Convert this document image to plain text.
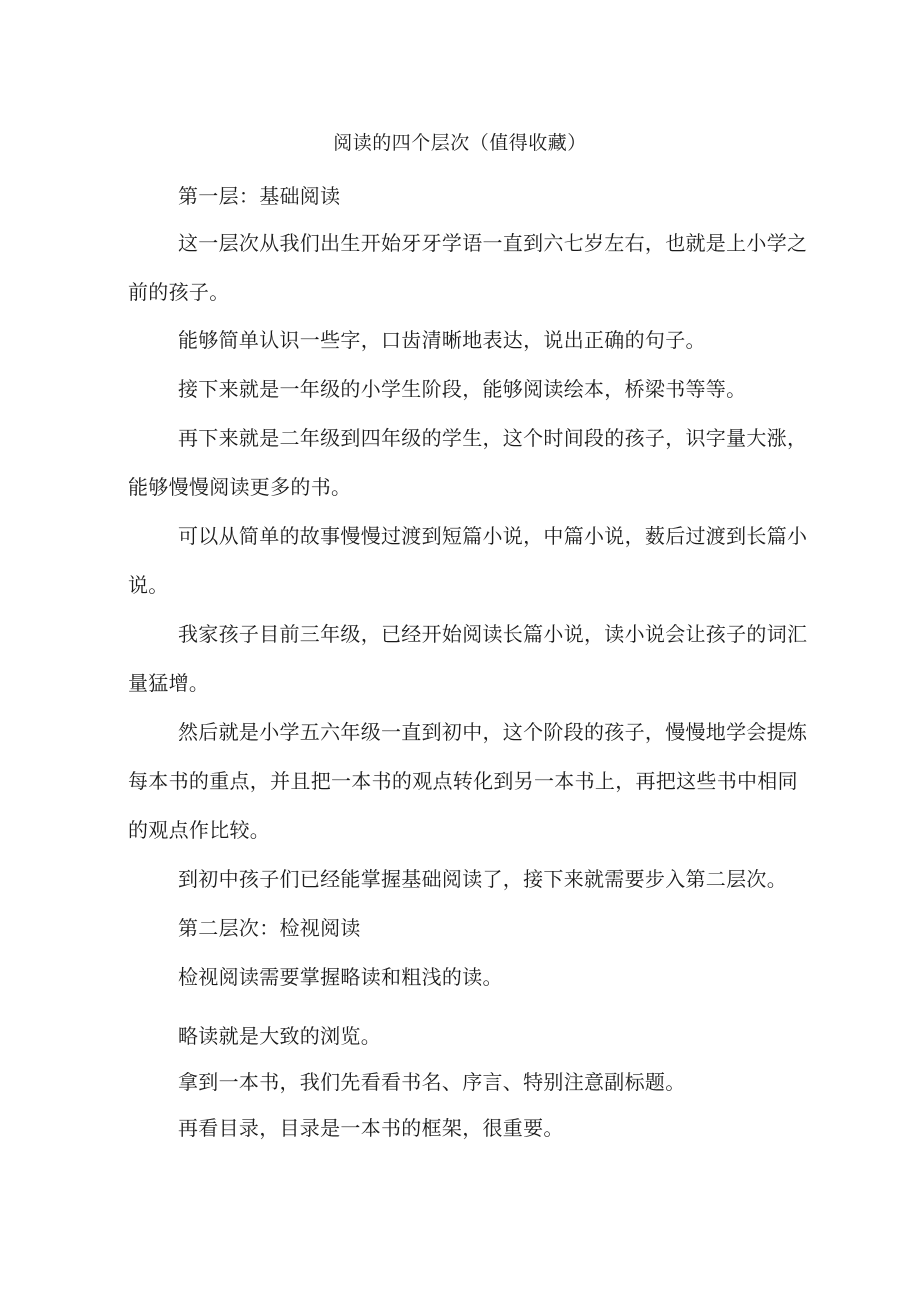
阅读的四个层次（值得收藏）

第一层：基础阅读

这一层次从我们出生开始牙牙学语一直到六七岁左右，也就是上小学之前的孩子。

能够简单认识一些字，口齿清晰地表达，说出正确的句子。

接下来就是一年级的小学生阶段，能够阅读绘本，桥梁书等等。

再下来就是二年级到四年级的学生，这个时间段的孩子，识字量大涨，能够慢慢阅读更多的书。

可以从简单的故事慢慢过渡到短篇小说，中篇小说，薮后过渡到长篇小说。

我家孩子目前三年级，已经开始阅读长篇小说，读小说会让孩子的词汇量猛增。

然后就是小学五六年级一直到初中，这个阶段的孩子，慢慢地学会提炼每本书的重点，并且把一本书的观点转化到另一本书上，再把这些书中相同的观点作比较。

到初中孩子们已经能掌握基础阅读了，接下来就需要步入第二层次。

第二层次：检视阅读

检视阅读需要掌握略读和粗浅的读。

略读就是大致的浏览。

拿到一本书，我们先看看书名、序言、特别注意副标题。

再看目录，目录是一本书的框架，很重要。
